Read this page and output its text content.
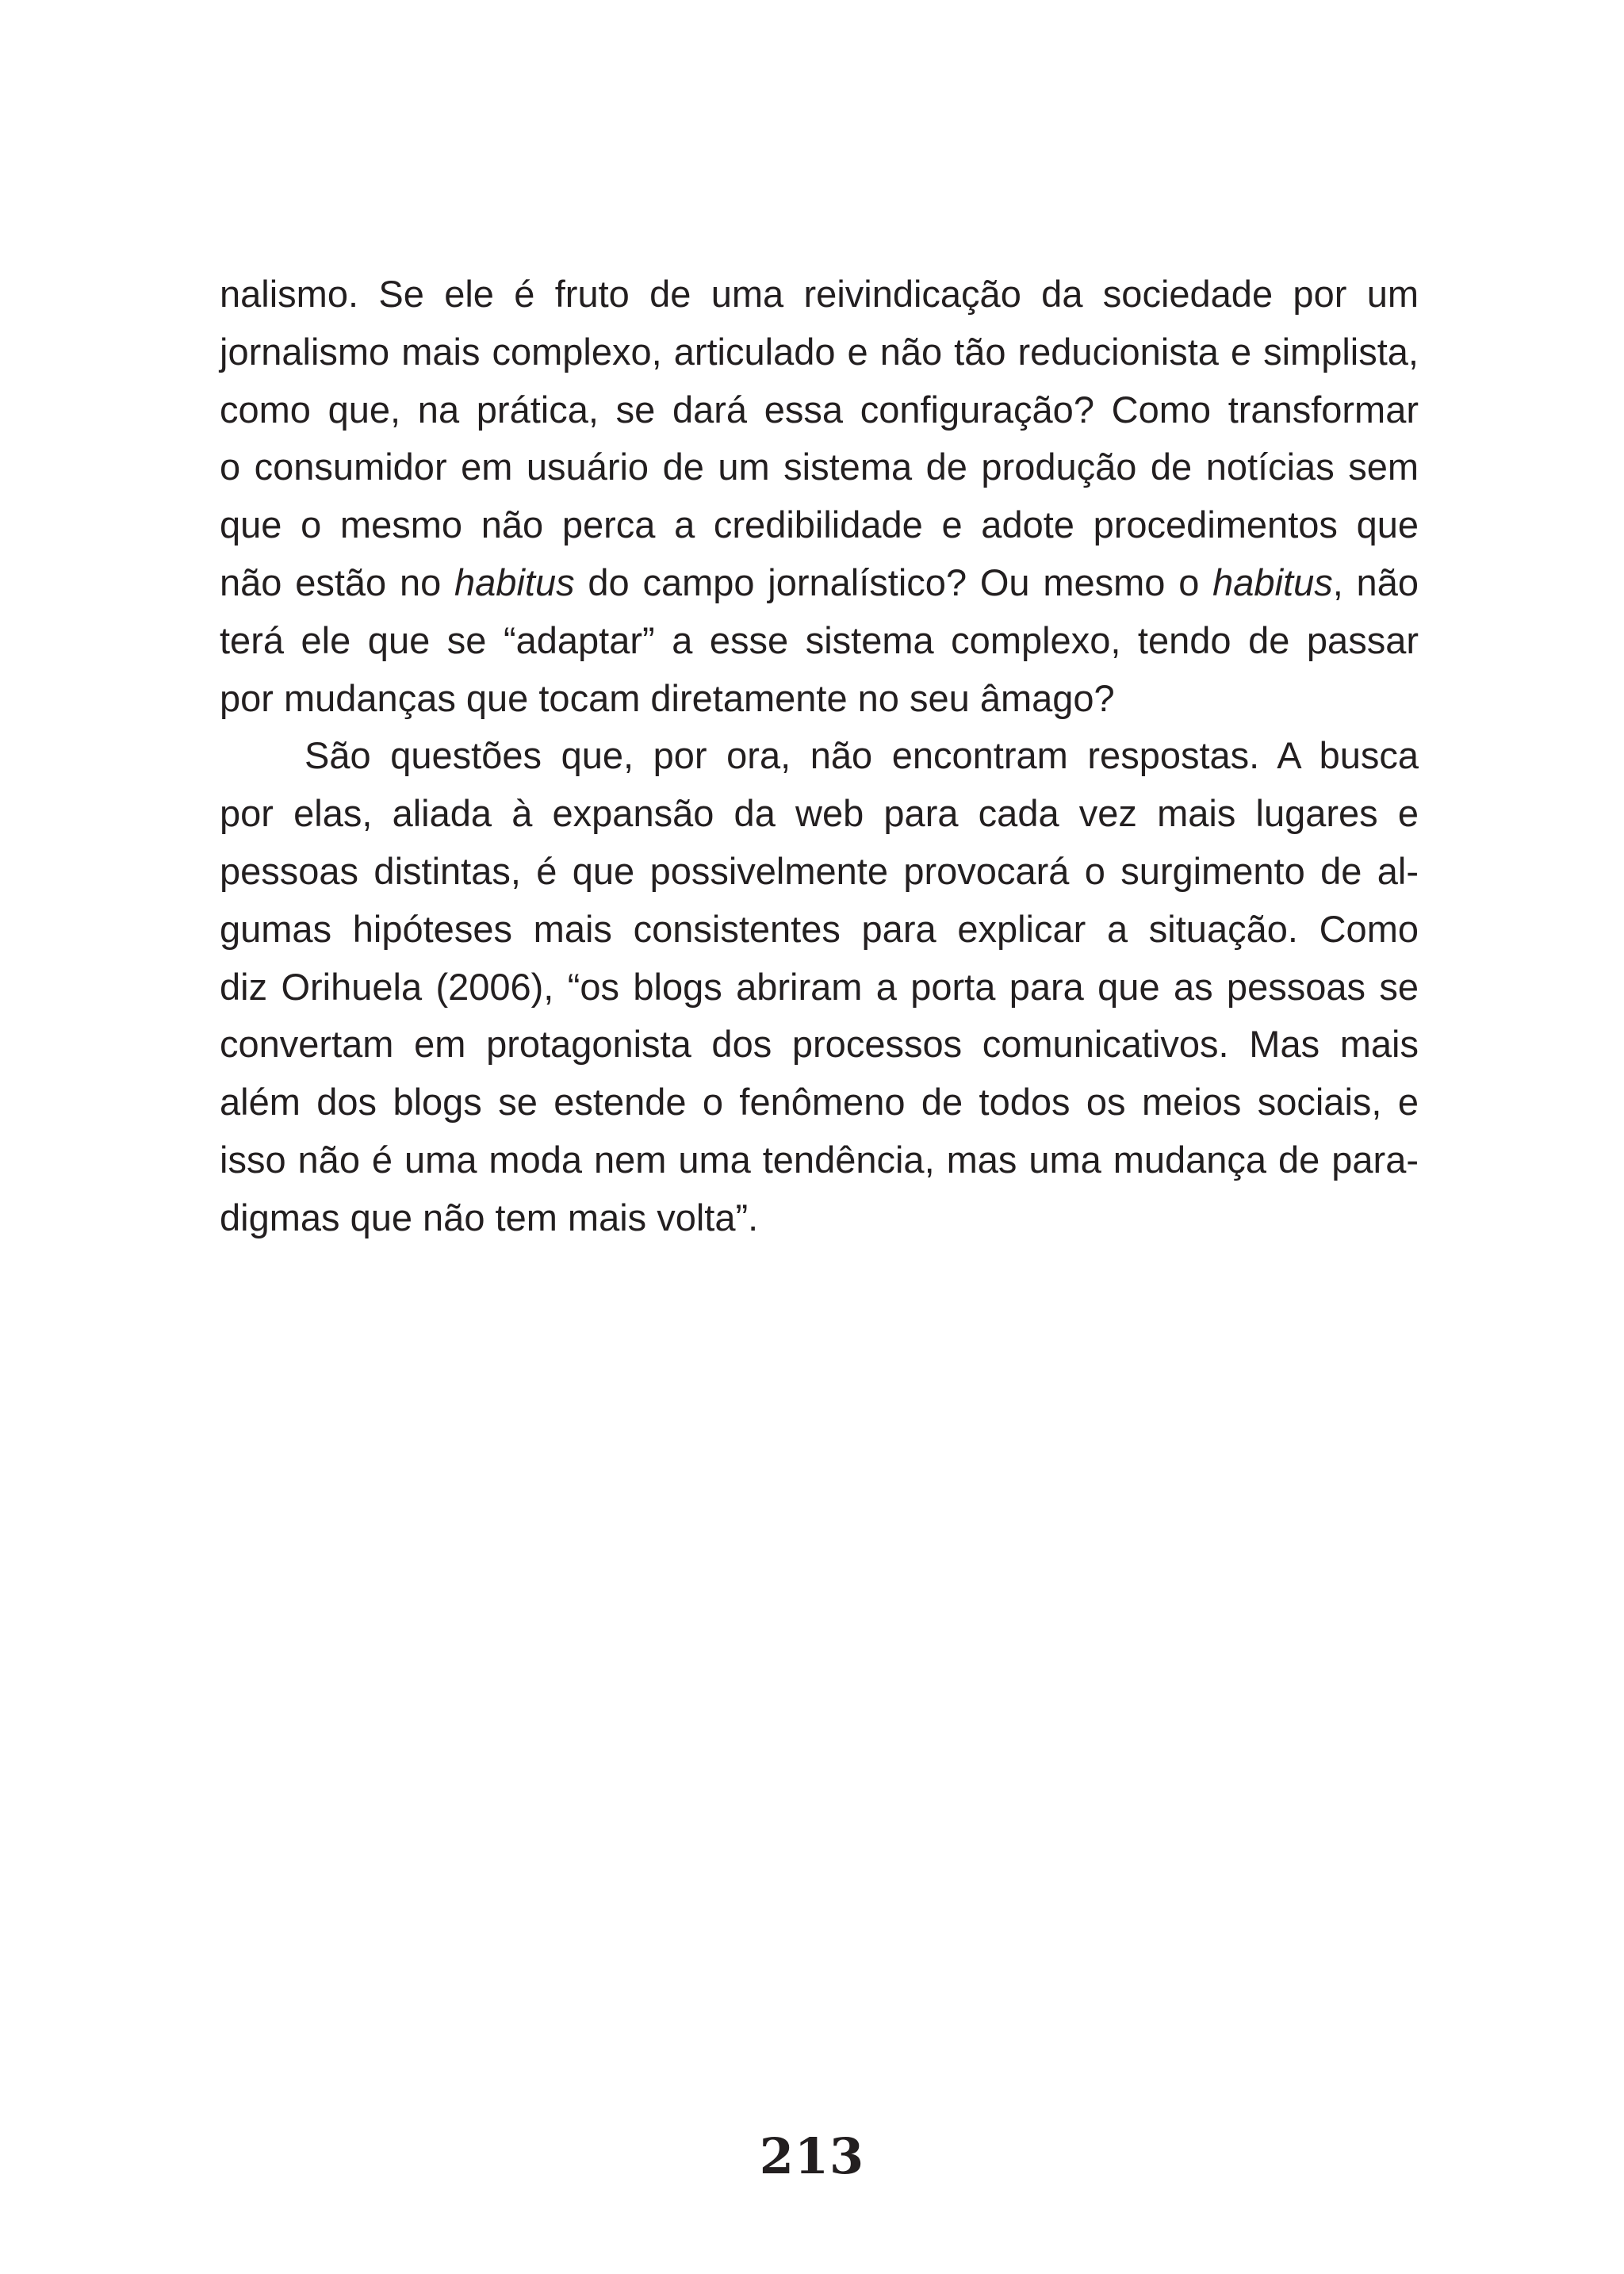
nalismo. Se ele é fruto de uma reivindicação da sociedade por um
jornalismo mais complexo, articulado e não tão reducionista e simplista,
como que, na prática, se dará essa configuração? Como transformar
o consumidor em usuário de um sistema de produção de notícias sem
que o mesmo não perca a credibilidade e adote procedimentos que
não estão no habitus do campo jornalístico? Ou mesmo o habitus, não
terá ele que se “adaptar” a esse sistema complexo, tendo de passar
por mudanças que tocam diretamente no seu âmago?
São questões que, por ora, não encontram respostas. A busca
por elas, aliada à expansão da web para cada vez mais lugares e
pessoas distintas, é que possivelmente provocará o surgimento de al-
gumas hipóteses mais consistentes para explicar a situação. Como
diz Orihuela (2006), “os blogs abriram a porta para que as pessoas se
convertam em protagonista dos processos comunicativos. Mas mais
além dos blogs se estende o fenômeno de todos os meios sociais, e
isso não é uma moda nem uma tendência, mas uma mudança de para-
digmas que não tem mais volta”.
213
